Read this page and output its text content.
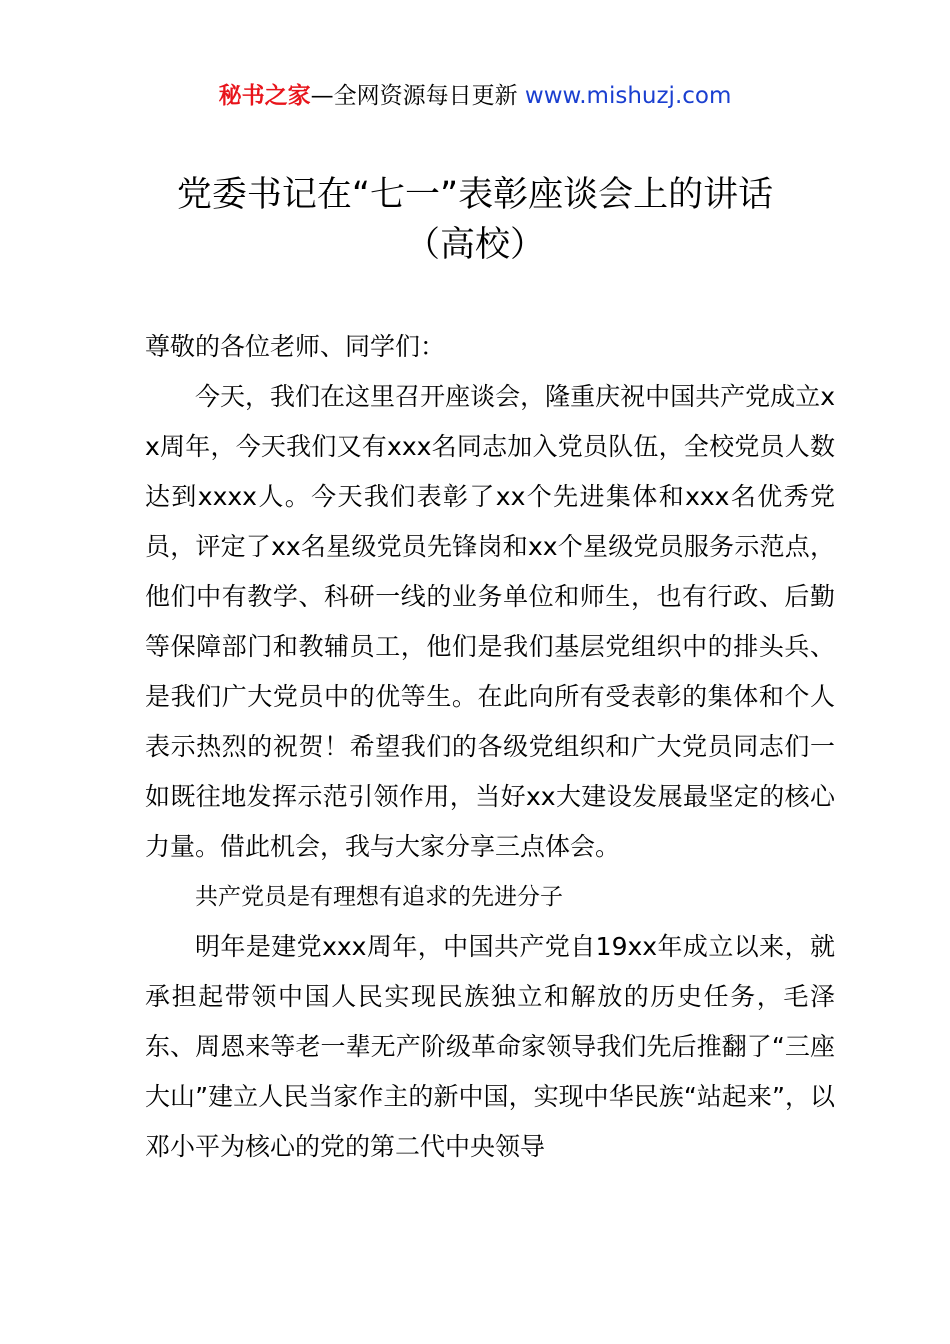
秘书之家—全网资源每日更新 www.mishuzj.com
党委书记在“七一”表彰座谈会上的讲话
（高校）

尊敬的各位老师、同学们：

今天，我们在这里召开座谈会，隆重庆祝中国共产党成立xx周年，今天我们又有xxx名同志加入党员队伍，全校党员人数达到xxxx人。今天我们表彰了xx个先进集体和xxx名优秀党员，评定了xx名星级党员先锋岗和xx个星级党员服务示范点，他们中有教学、科研一线的业务单位和师生，也有行政、后勤等保障部门和教辅员工，他们是我们基层党组织中的排头兵、是我们广大党员中的优等生。在此向所有受表彰的集体和个人表示热烈的祝贺！希望我们的各级党组织和广大党员同志们一如既往地发挥示范引领作用，当好xx大建设发展最坚定的核心力量。借此机会，我与大家分享三点体会。

共产党员是有理想有追求的先进分子

明年是建党xxx周年，中国共产党自19xx年成立以来，就承担起带领中国人民实现民族独立和解放的历史任务，毛泽东、周恩来等老一辈无产阶级革命家领导我们先后推翻了“三座大山”建立人民当家作主的新中国，实现中华民族“站起来”，以邓小平为核心的党的第二代中央领导
